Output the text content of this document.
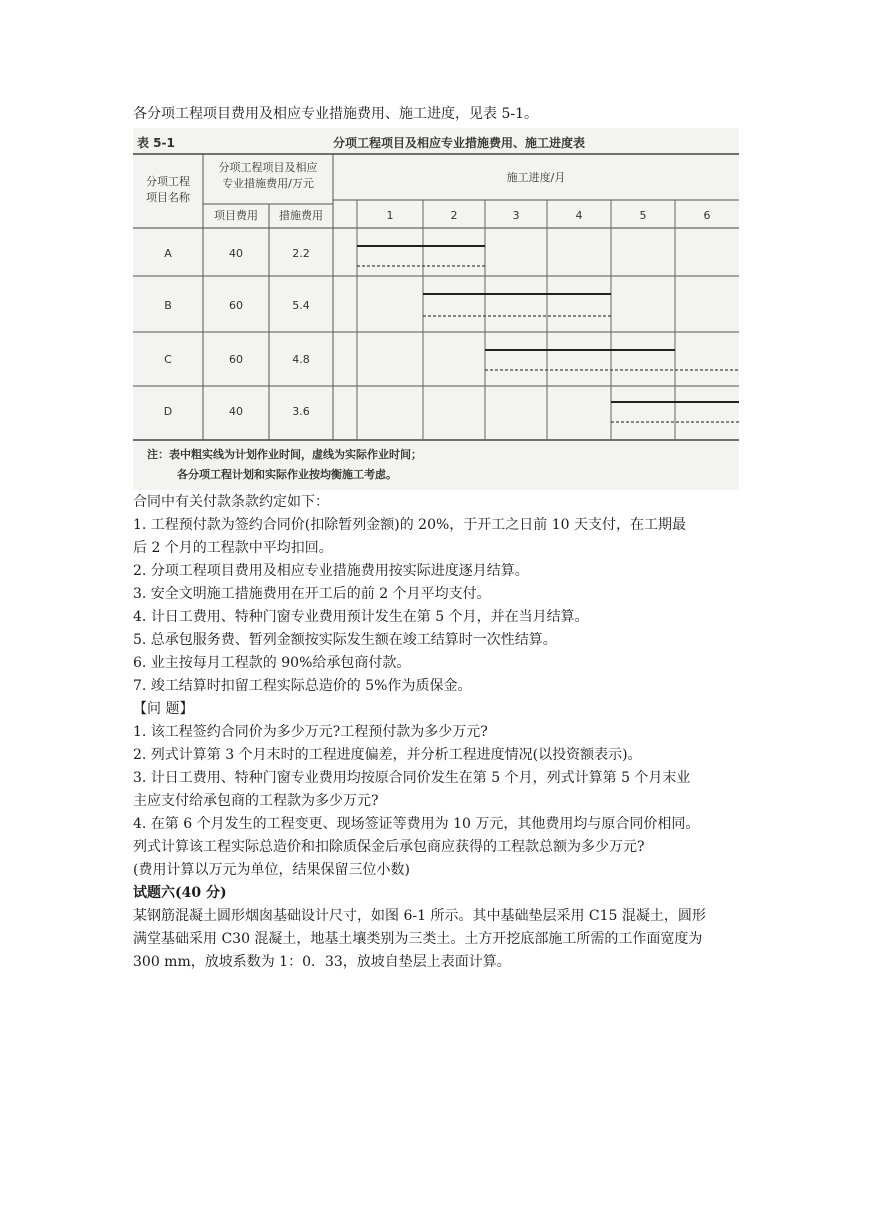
各分项工程项目费用及相应专业措施费用、施工进度，见表 5-1。
表 5-1	分项工程项目及相应专业措施费用、施工进度表
分项工程
项目名称
分项工程项目及相应
专业措施费用/万元
项目费用	措施费用
施工进度/月
1	2	3	4	5	6
A	40	2.2
B	60	5.4
C	60	4.8
D	40	3.6
注：表中粗实线为计划作业时间，虚线为实际作业时间；
各分项工程计划和实际作业按均衡施工考虑。
合同中有关付款条款约定如下：
1. 工程预付款为签约合同价(扣除暂列金额)的 20%，于开工之日前 10 天支付，在工期最
后 2 个月的工程款中平均扣回。
2. 分项工程项目费用及相应专业措施费用按实际进度逐月结算。
3. 安全文明施工措施费用在开工后的前 2 个月平均支付。
4. 计日工费用、特种门窗专业费用预计发生在第 5 个月，并在当月结算。
5. 总承包服务费、暂列金额按实际发生额在竣工结算时一次性结算。
6. 业主按每月工程款的 90%给承包商付款。
7. 竣工结算时扣留工程实际总造价的 5%作为质保金。
【问 题】
1. 该工程签约合同价为多少万元?工程预付款为多少万元?
2. 列式计算第 3 个月末时的工程进度偏差，并分析工程进度情况(以投资额表示)。
3. 计日工费用、特种门窗专业费用均按原合同价发生在第 5 个月，列式计算第 5 个月末业
主应支付给承包商的工程款为多少万元?
4. 在第 6 个月发生的工程变更、现场签证等费用为 10 万元，其他费用均与原合同价相同。
列式计算该工程实际总造价和扣除质保金后承包商应获得的工程款总额为多少万元?
(费用计算以万元为单位，结果保留三位小数)
试题六(40 分)
某钢筋混凝土圆形烟囱基础设计尺寸，如图 6-1 所示。其中基础垫层采用 C15 混凝土，圆形
满堂基础采用 C30 混凝土，地基土壤类别为三类土。土方开挖底部施工所需的工作面宽度为
300 mm，放坡系数为 1：0．33，放坡自垫层上表面计算。
